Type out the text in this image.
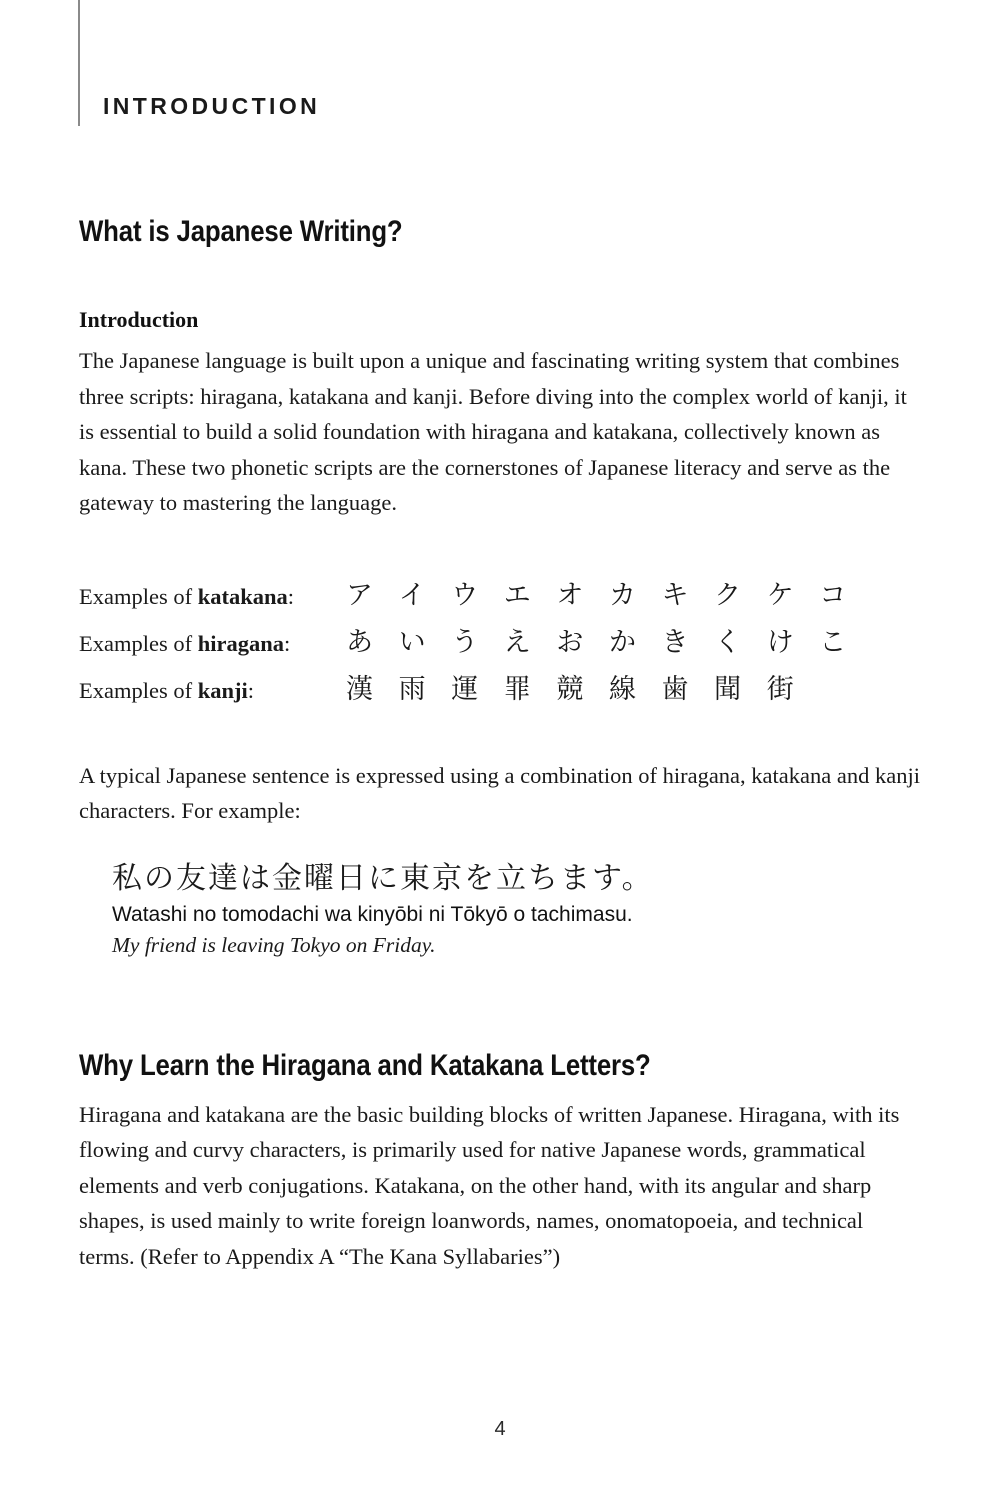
INTRODUCTION
What is Japanese Writing?
Introduction

The Japanese language is built upon a unique and fascinating writing system that combines three scripts: hiragana, katakana and kanji. Before diving into the complex world of kanji, it is essential to build a solid foundation with hiragana and katakana, collectively known as kana. These two phonetic scripts are the cornerstones of Japanese literacy and serve as the gateway to mastering the language.

Examples of katakana:	ア イ ウ エ オ カ キ ク ケ コ
Examples of hiragana:	あ い う え お か き く け こ
Examples of kanji:	漢 雨 運 罪 競 線 歯 聞 街

A typical Japanese sentence is expressed using a combination of hiragana, katakana and kanji characters. For example:

私の友達は金曜日に東京を立ちます。

Watashi no tomodachi wa kinyōbi ni Tōkyō o tachimasu.

My friend is leaving Tokyo on Friday.

Why Learn the Hiragana and Katakana Letters?

Hiragana and katakana are the basic building blocks of written Japanese. Hiragana, with its flowing and curvy characters, is primarily used for native Japanese words, grammatical elements and verb conjugations. Katakana, on the other hand, with its angular and sharp shapes, is used mainly to write foreign loanwords, names, onomatopoeia, and technical terms. (Refer to Appendix A “The Kana Syllabaries”)

4
